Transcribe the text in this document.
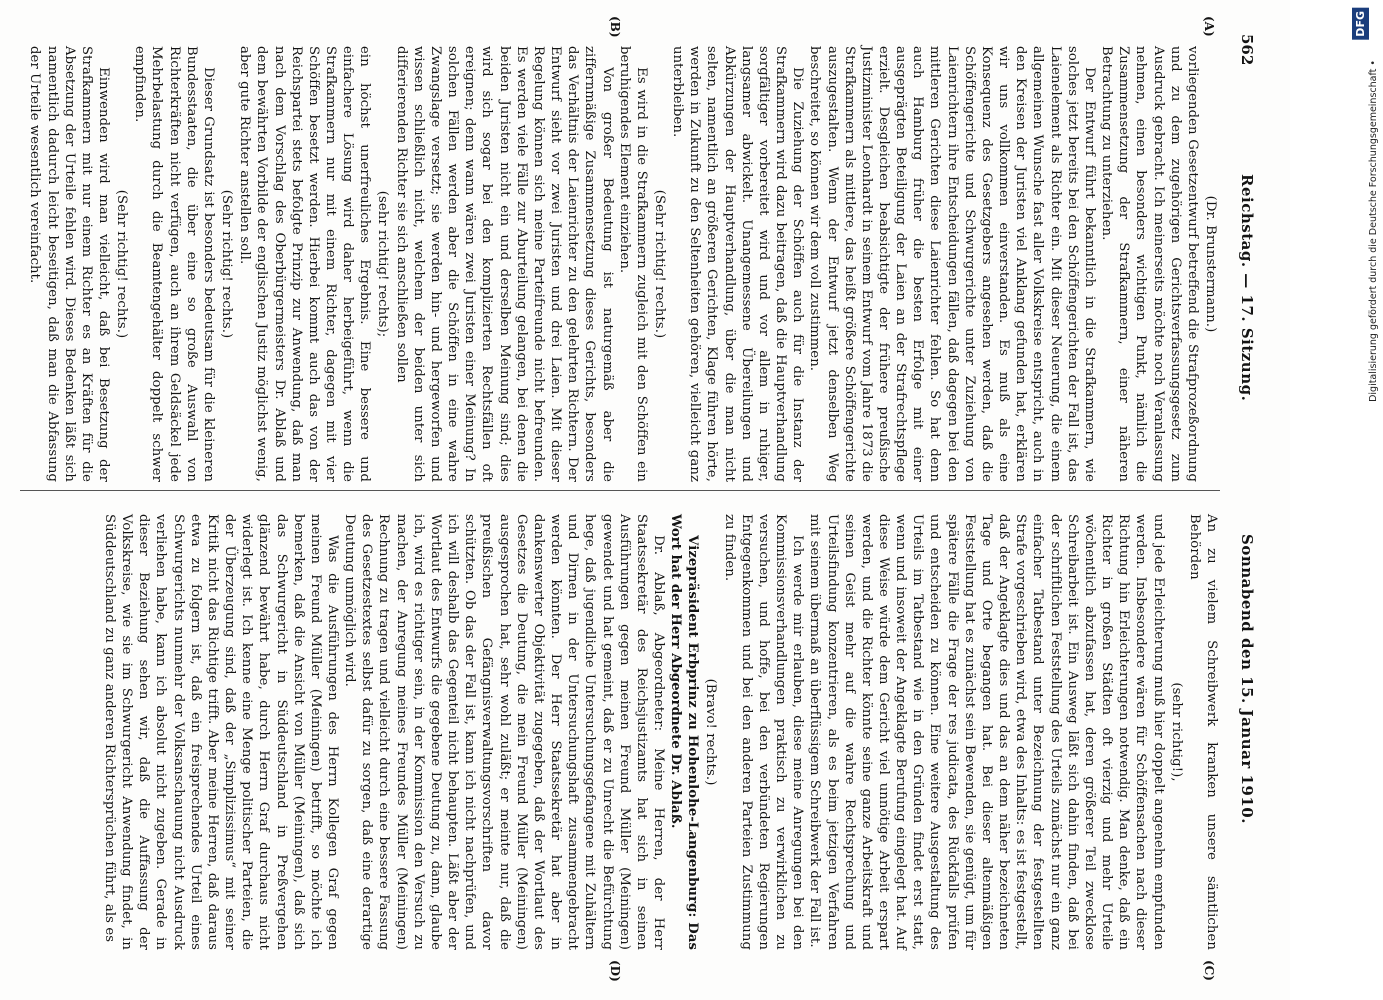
562
Reichstag. — 17. Sitzung.
Sonnabend den 15. Januar 1910.
(A)
(B)
(C)
(D)

(Dr. Brunstermann.)

vorliegenden Gesetzentwurf betreffend die Strafprozeßordnung und zu dem zugehörigen Gerichtsverfassungsgesetz zum Ausdruck gebracht. Ich meinerseits möchte noch Veranlassung nehmen, einen besonders wichtigen Punkt, nämlich die Zusammensetzung der Strafkammern, einer näheren Betrachtung zu unterziehen.

Der Entwurf führt bekanntlich in die Strafkammern, wie solches jetzt bereits bei den Schöffengerichten der Fall ist, das Laienelement als Richter ein. Mit dieser Neuerung, die einem allgemeinen Wunsche fast aller Volkskreise entspricht, auch in den Kreisen der Juristen viel Anklang gefunden hat, erklären wir uns vollkommen einverstanden. Es muß als eine Konsequenz des Gesetzgebers angesehen werden, daß die Schöffengerichte und Schwurgerichte unter Zuziehung von Laienrichtern ihre Entscheidungen fällen, daß dagegen bei den mittleren Gerichten diese Laienrichter fehlen. So hat denn auch Hamburg früher die besten Erfolge mit einer ausgeprägten Beteiligung der Laien an der Strafrechtspflege erzielt. Desgleichen beabsichtigte der frühere preußische Justizminister Leonhardt in seinem Entwurf vom Jahre 1873 die Strafkammern als mittlere, das heißt größere Schöffengerichte auszugestalten. Wenn der Entwurf jetzt denselben Weg beschreitet, so können wir dem voll zustimmen.

Die Zuziehung der Schöffen auch für die Instanz der Strafkammern wird dazu beitragen, daß die Hauptverhandlung sorgfältiger vorbereitet wird und vor allem in ruhiger, langsamer abwickelt. Unangemessene Übereilungen und Abkürzungen der Hauptverhandlung, über die man nicht selten, namentlich an größeren Gerichten, Klage führen hörte, werden in Zukunft zu den Seltenheiten gehören, vielleicht ganz unterbleiben.

(Sehr richtig! rechts.)

Es wird in die Strafkammern zugleich mit den Schöffen ein beruhigendes Element einziehen.

Von großer Bedeutung ist naturgemäß aber die ziffernmäßige Zusammensetzung dieses Gerichts, besonders das Verhältnis der Laienrichter zu den gelehrten Richtern. Der Entwurf sieht vor zwei Juristen und drei Laien. Mit dieser Regelung können sich meine Parteifreunde nicht befreunden. Es werden viele Fälle zur Aburteilung gelangen, bei denen die beiden Juristen nicht ein und derselben Meinung sind; dies wird sich sogar bei den komplizierten Rechtsfällen oft ereignen; denn wann wären zwei Juristen einer Meinung? In solchen Fällen werden aber die Schöffen in eine wahre Zwangslage versetzt; sie werden hin- und hergeworfen und wissen schließlich nicht, welchem der beiden unter sich differierenden Richter sie sich anschließen sollen

(sehr richtig! rechts);

ein höchst unerfreuliches Ergebnis. Eine bessere und einfachere Lösung wird daher herbeigeführt, wenn die Strafkammern nur mit einem Richter, dagegen mit vier Schöffen besetzt werden. Hierbei kommt auch das von der Reichspartei stets befolgte Prinzip zur Anwendung, daß man nach dem Vorschlag des Oberbürgermeisters Dr. Ablaß und dem bewährten Vorbilde der englischen Justiz möglichst wenig, aber gute Richter anstellen soll.

(Sehr richtig! rechts.)

Dieser Grundsatz ist besonders bedeutsam für die kleineren Bundesstaaten, die über eine so große Auswahl von Richterkräften nicht verfügen, auch an ihrem Geldsäckel jede Mehrbelastung durch die Beamtengehälter doppelt schwer empfinden.

(Sehr richtig! rechts.)

Einwenden wird man vielleicht, daß bei Besetzung der Strafkammern mit nur einem Richter es an Kräften für die Absetzung der Urteile fehlen wird. Dieses Bedenken läßt sich namentlich dadurch leicht beseitigen, daß man die Abfassung der Urteile wesentlich vereinfacht.

An zu vielem Schreibwerk kranken unsere sämtlichen Behörden

(sehr richtig!),

und jede Erleichterung muß hier doppelt angenehm empfunden werden. Insbesondere wären für Schöffensachen nach dieser Richtung hin Erleichterungen notwendig. Man denke, daß ein Richter in großen Städten oft vierzig und mehr Urteile wöchentlich abzufassen hat, deren größerer Teil zwecklose Schreibarbeit ist. Ein Ausweg läßt sich dahin finden, daß bei der schriftlichen Feststellung des Urteils zunächst nur ein ganz einfacher Tatbestand unter Bezeichnung der festgestellten Strafe vorgeschrieben wird, etwa des Inhalts: es ist festgestellt, daß der Angeklagte dies und das an dem näher bezeichneten Tage und Orte begangen hat. Bei dieser altenmäßigen Feststellung hat es zunächst sein Bewenden, sie genügt, um für spätere Fälle die Frage der res judicata, des Rückfalls prüfen und entscheiden zu können. Eine weitere Ausgestaltung des Urteils im Tatbestand wie in den Gründen findet erst statt, wenn und insoweit der Angeklagte Berufung eingelegt hat. Auf diese Weise würde dem Gericht viel unnötige Arbeit erspart werden, und die Richter könnte seine ganze Arbeitskraft und seinen Geist mehr auf die wahre Rechtsprechung und Urteilsfindung konzentrieren, als es beim jetzigen Verfahren mit seinem übermaß an überflüssigem Schreibwerk der Fall ist.

Ich werde mir erlauben, diese meine Anregungen bei den Kommissionsverhandlungen praktisch zu verwirklichen zu versuchen, und hoffe, bei den verbündeten Regierungen Entgegenkommen und bei den anderen Parteien Zustimmung zu finden.

(Bravo! rechts.)

Vizepräsident Erbprinz zu Hohenlohe-Langenburg: Das Wort hat der Herr Abgeordnete Dr. Ablaß.

Dr. Ablaß, Abgeordneter: Meine Herren, der Herr Staatssekretär des Reichsjustizamts hat sich in seinen Ausführungen gegen meinen Freund Müller (Meiningen) gewendet und hat gemeint, daß er zu Unrecht die Befürchtung hege, daß jugendliche Untersuchungsgefangene mit Zuhältern und Dirnen in der Untersuchungshaft zusammengebracht werden könnten. Der Herr Staatssekretär hat aber in dankenswerter Objektivität zugegeben, daß der Wortlaut des Gesetzes die Deutung, die mein Freund Müller (Meiningen) ausgesprochen hat, sehr wohl zuläßt; er meinte nur, daß die preußischen Gefängnisverwaltungsvorschriften davor schützten. Ob das der Fall ist, kann ich nicht nachprüfen, und ich will deshalb das Gegenteil nicht behaupten. Läßt aber der Wortlaut des Entwurfs die gegebene Deutung zu, dann, glaube ich, wird es richtiger sein, in der Kommission den Versuch zu machen, der Anregung meines Freundes Müller (Meiningen) Rechnung zu tragen und vielleicht durch eine bessere Fassung des Gesetzestextes selbst dafür zu sorgen, daß eine derartige Deutung unmöglich wird.

Was die Ausführungen des Herrn Kollegen Graf gegen meinen Freund Müller (Meiningen) betrifft, so möchte ich bemerken, daß die Ansicht von Müller (Meiningen), daß sich das Schwurgericht in Süddeutschland in Preßvergehen glänzend bewährt habe, durch Herrn Graf durchaus nicht widerlegt ist. Ich kenne eine Menge politischer Parteien, die der Überzeugung sind, daß der „Simplizissimus“ mit seiner Kritik nicht das Richtige trifft. Aber meine Herren, daß daraus etwa zu folgern ist, daß ein freisprechendes Urteil eines Schwurgerichts nunmehr der Volksanschauung nicht Ausdruck verliehen habe, kann ich absolut nicht zugeben. Gerade in dieser Beziehung sehen wir, daß die Auffassung der Volkskreise, wie sie im Schwurgericht Anwendung findet, in Süddeutschland zu ganz anderen Richtersprüchen führt, als es

DFG
Digitalisierung gefördert durch die Deutsche Forschungsgemeinschaft •
